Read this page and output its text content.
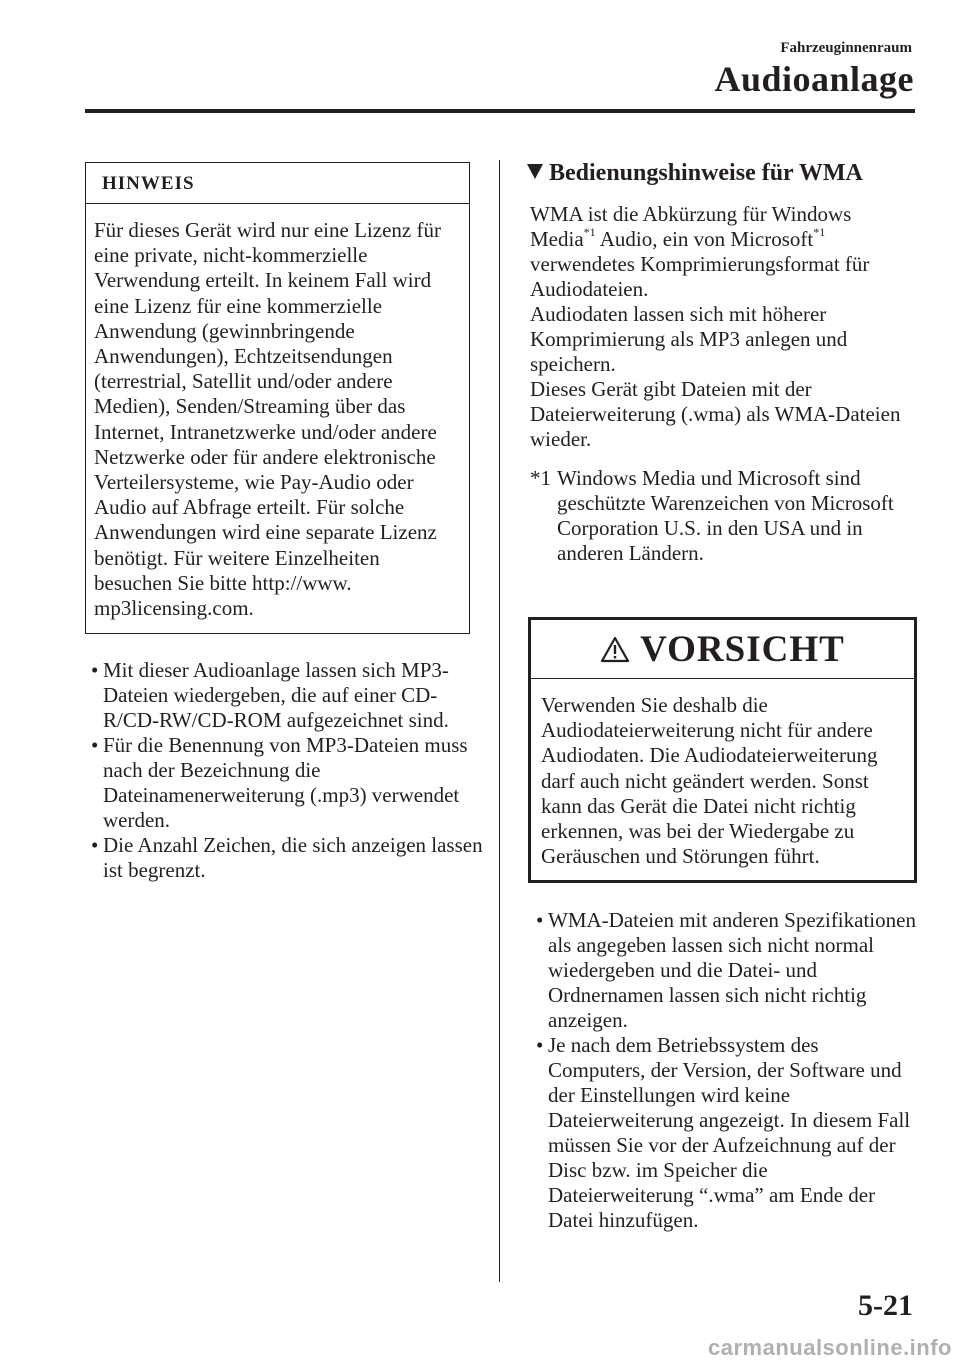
Fahrzeuginnenraum
Audioanlage
HINWEIS
Für dieses Gerät wird nur eine Lizenz für eine private, nicht-kommerzielle Verwendung erteilt. In keinem Fall wird eine Lizenz für eine kommerzielle Anwendung (gewinnbringende Anwendungen), Echtzeitsendungen (terrestrial, Satellit und/oder andere Medien), Senden/Streaming über das Internet, Intranetzwerke und/oder andere Netzwerke oder für andere elektronische Verteilersysteme, wie Pay-Audio oder Audio auf Abfrage erteilt. Für solche Anwendungen wird eine separate Lizenz benötigt. Für weitere Einzelheiten besuchen Sie bitte http://www. mp3licensing.com.
• Mit dieser Audioanlage lassen sich MP3-Dateien wiedergeben, die auf einer CD-R/CD-RW/CD-ROM aufgezeichnet sind.
• Für die Benennung von MP3-Dateien muss nach der Bezeichnung die Dateinamenerweiterung (.mp3) verwendet werden.
• Die Anzahl Zeichen, die sich anzeigen lassen ist begrenzt.
Bedienungshinweise für WMA

WMA ist die Abkürzung für Windows Media$^{*1}$ Audio, ein von Microsoft$^{*1}$ verwendetes Komprimierungsformat für Audiodateien.

Audiodaten lassen sich mit höherer Komprimierung als MP3 anlegen und speichern.

Dieses Gerät gibt Dateien mit der Dateierweiterung (.wma) als WMA-Dateien wieder.

*1 Windows Media und Microsoft sind geschützte Warenzeichen von Microsoft Corporation U.S. in den USA und in anderen Ländern.
VORSICHT
Verwenden Sie deshalb die Audiodateierweiterung nicht für andere Audiodaten. Die Audiodateierweiterung darf auch nicht geändert werden. Sonst kann das Gerät die Datei nicht richtig erkennen, was bei der Wiedergabe zu Geräuschen und Störungen führt.
• WMA-Dateien mit anderen Spezifikationen als angegeben lassen sich nicht normal wiedergeben und die Datei- und Ordnernamen lassen sich nicht richtig anzeigen.
• Je nach dem Betriebssystem des Computers, der Version, der Software und der Einstellungen wird keine Dateierweiterung angezeigt. In diesem Fall müssen Sie vor der Aufzeichnung auf der Disc bzw. im Speicher die Dateierweiterung “.wma” am Ende der Datei hinzufügen.
5-21
carmanualsonline.info
